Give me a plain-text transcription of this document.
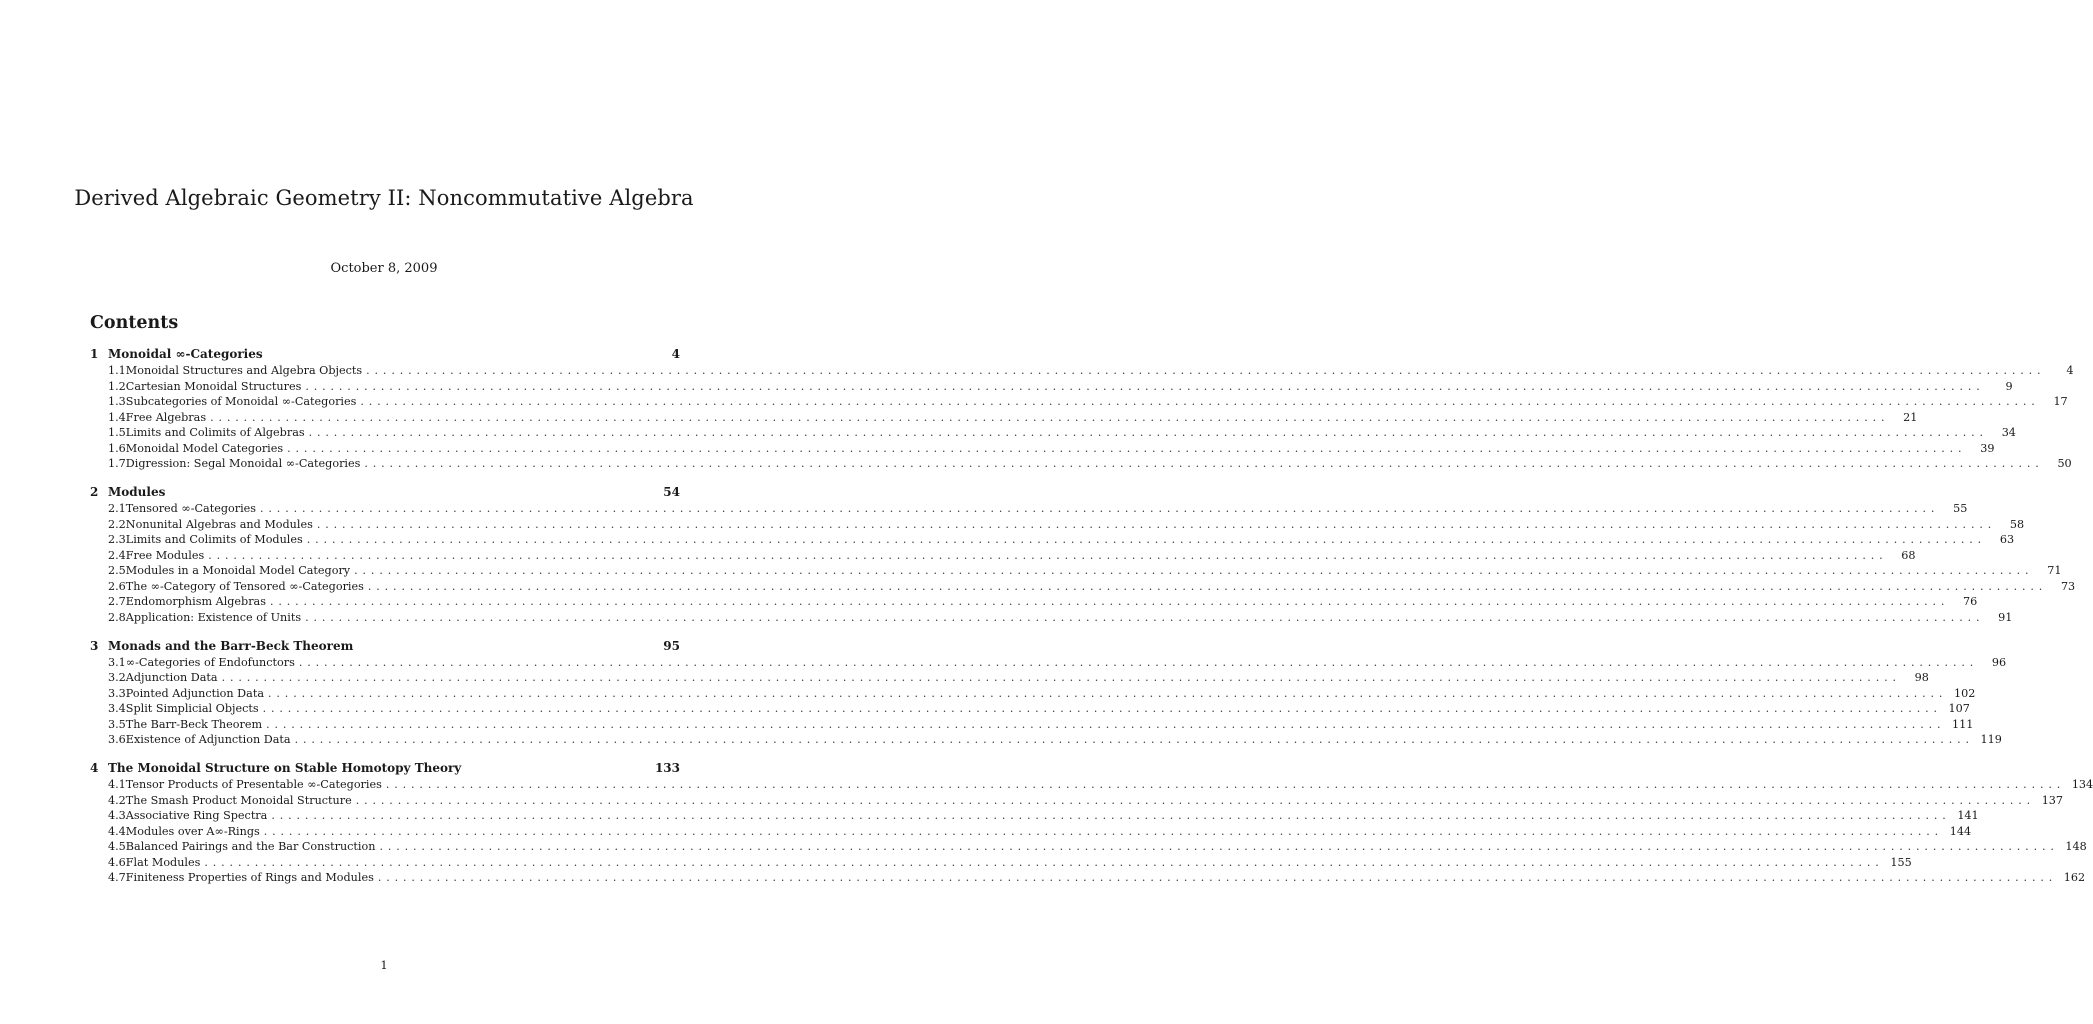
Derived Algebraic Geometry II: Noncommutative Algebra
October 8, 2009
Contents
1 Monoidal ∞-Categories	4
1.1 Monoidal Structures and Algebra Objects ........................................................................................................................................................................................................	4
1.2 Cartesian Monoidal Structures ........................................................................................................................................................................................................	9
1.3 Subcategories of Monoidal ∞-Categories ........................................................................................................................................................................................................	17
1.4 Free Algebras ........................................................................................................................................................................................................	21
1.5 Limits and Colimits of Algebras ........................................................................................................................................................................................................	34
1.6 Monoidal Model Categories ........................................................................................................................................................................................................	39
1.7 Digression: Segal Monoidal ∞-Categories ........................................................................................................................................................................................................	50
2 Modules	54
2.1 Tensored ∞-Categories ........................................................................................................................................................................................................	55
2.2 Nonunital Algebras and Modules ........................................................................................................................................................................................................	58
2.3 Limits and Colimits of Modules ........................................................................................................................................................................................................	63
2.4 Free Modules ........................................................................................................................................................................................................	68
2.5 Modules in a Monoidal Model Category ........................................................................................................................................................................................................	71
2.6 The ∞-Category of Tensored ∞-Categories ........................................................................................................................................................................................................	73
2.7 Endomorphism Algebras ........................................................................................................................................................................................................	76
2.8 Application: Existence of Units ........................................................................................................................................................................................................	91
3 Monads and the Barr-Beck Theorem	95
3.1 ∞-Categories of Endofunctors ........................................................................................................................................................................................................	96
3.2 Adjunction Data ........................................................................................................................................................................................................	98
3.3 Pointed Adjunction Data ........................................................................................................................................................................................................ 102
3.4 Split Simplicial Objects ........................................................................................................................................................................................................ 107
3.5 The Barr-Beck Theorem ........................................................................................................................................................................................................ 111
3.6 Existence of Adjunction Data ........................................................................................................................................................................................................ 119
4 The Monoidal Structure on Stable Homotopy Theory	133
4.1 Tensor Products of Presentable ∞-Categories ........................................................................................................................................................................................................ 134
4.2 The Smash Product Monoidal Structure ........................................................................................................................................................................................................ 137
4.3 Associative Ring Spectra ........................................................................................................................................................................................................ 141
4.4 Modules over A∞-Rings ........................................................................................................................................................................................................ 144
4.5 Balanced Pairings and the Bar Construction ........................................................................................................................................................................................................ 148
4.6 Flat Modules ........................................................................................................................................................................................................ 155
4.7 Finiteness Properties of Rings and Modules ........................................................................................................................................................................................................ 162
1
